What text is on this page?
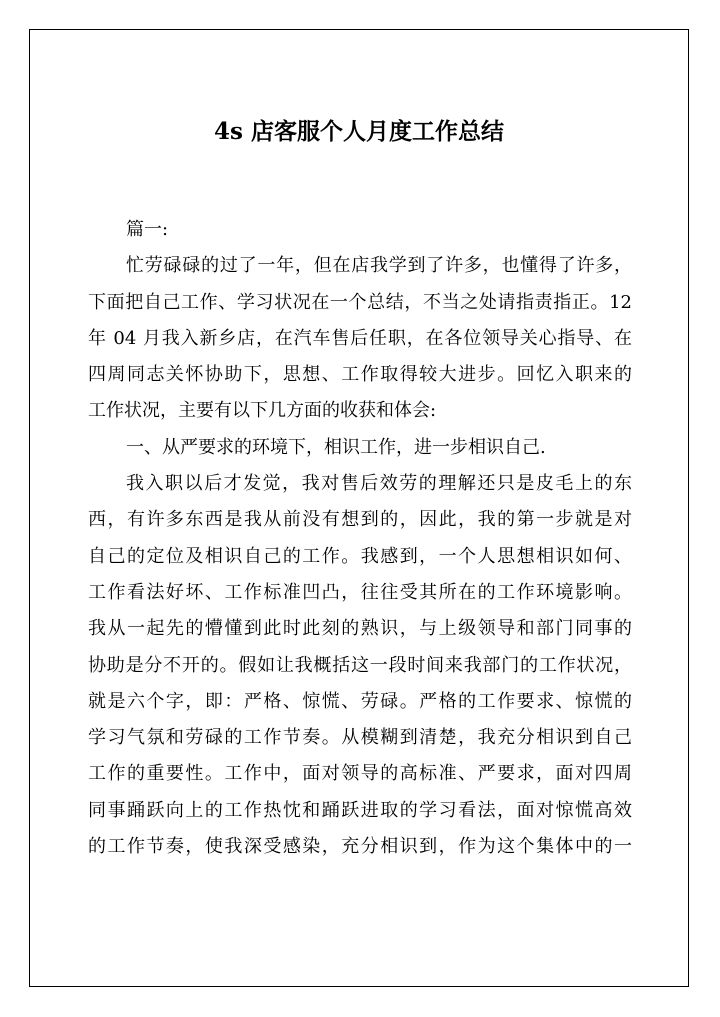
4s 店客服个人月度工作总结
篇一:
忙劳碌碌的过了一年，但在店我学到了许多，也懂得了许多，
下面把自己工作、学习状况在一个总结，不当之处请指责指正。12
年 04 月我入新乡店，在汽车售后任职，在各位领导关心指导、在
四周同志关怀协助下，思想、工作取得较大进步。回忆入职来的
工作状况，主要有以下几方面的收获和体会:
一、从严要求的环境下，相识工作，进一步相识自己.
我入职以后才发觉，我对售后效劳的理解还只是皮毛上的东
西，有许多东西是我从前没有想到的，因此，我的第一步就是对
自己的定位及相识自己的工作。我感到，一个人思想相识如何、
工作看法好坏、工作标准凹凸，往往受其所在的工作环境影响。
我从一起先的懵懂到此时此刻的熟识，与上级领导和部门同事的
协助是分不开的。假如让我概括这一段时间来我部门的工作状况，
就是六个字，即：严格、惊慌、劳碌。严格的工作要求、惊慌的
学习气氛和劳碌的工作节奏。从模糊到清楚，我充分相识到自己
工作的重要性。工作中，面对领导的高标准、严要求，面对四周
同事踊跃向上的工作热忱和踊跃进取的学习看法，面对惊慌高效
的工作节奏，使我深受感染，充分相识到，作为这个集体中的一
